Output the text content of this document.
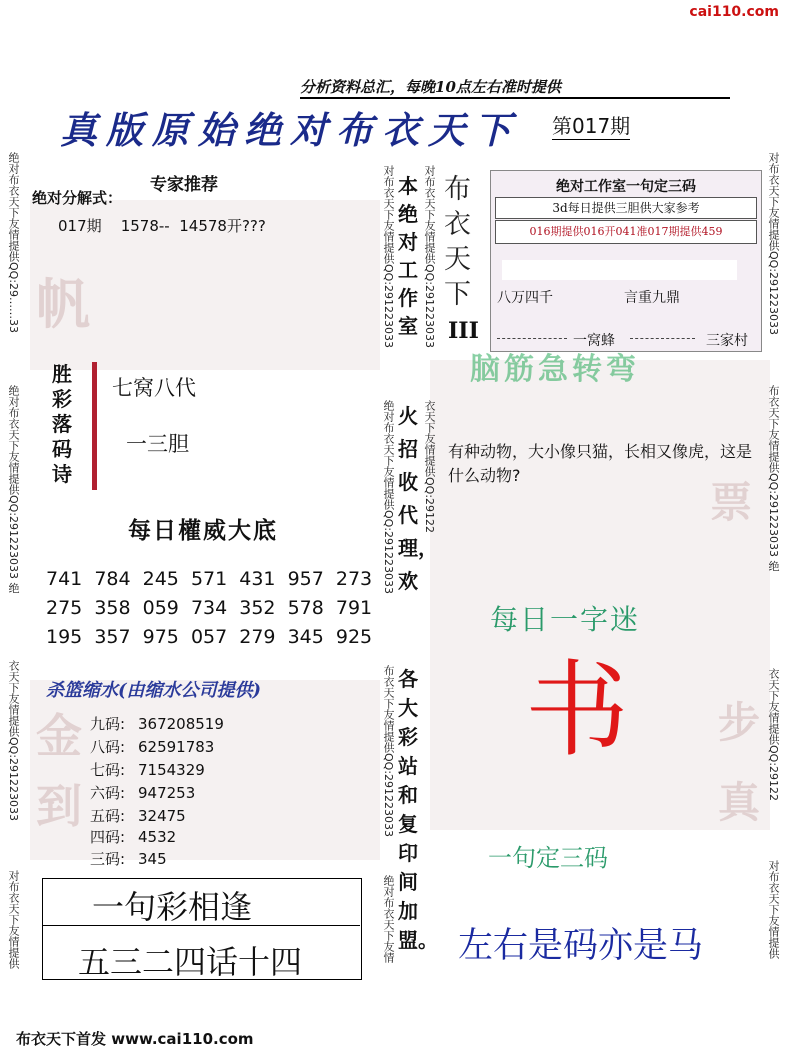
cai110.com
分析资料总汇，每晚10点左右准时提供
真版原始绝对布衣天下 第017期
绝对布衣天下友情提供QQ:29……33
绝对布衣天下友情提供QQ:291223033 绝
衣天下友情提供QQ:291223033
对布衣天下友情提供
对布衣天下友情提供QQ:291223033
绝对布衣天下友情提供QQ:291223033
布衣天下友情提供QQ:291223033
绝对布衣天下友情
对布衣天下友情提供QQ:291223033
衣天下友情提供QQ:29122
对布衣天下友情提供QQ:291223033
布衣天下友情提供QQ:291223033 绝
衣天下友情提供QQ:29122
对布衣天下友情提供
本绝对工作室
火招收代理，欢
各大彩站和复印间加盟。
专家推荐
绝对分解式：
017期    1578--  14578开???
帆
布衣天下
III
绝对工作室一句定三码
3d每日提供三胆供大家参考
016期提供016开041准017期提供459
八万四千	言重九鼎
一窝蜂	三家村
胜彩落码诗
七窝八代
一三胆
脑筋急转弯
有种动物，大小像只猫，长相又像虎，这是什么动物?
票
步
真
每日權威大底
741 784 245 571 431 957 273
275 358 059 734 352 578 791
195 357 975 057 279 345 925
每日一字迷
书
杀篮缩水(由缩水公司提供)
九码: 367208519
八码: 62591783
七码: 7154329
六码: 947253
五码: 32475
四码: 4532
三码: 345
金
到
一句定三码
左右是码亦是马
一句彩相逢
五三二四话十四
布衣天下首发 www.cai110.com
